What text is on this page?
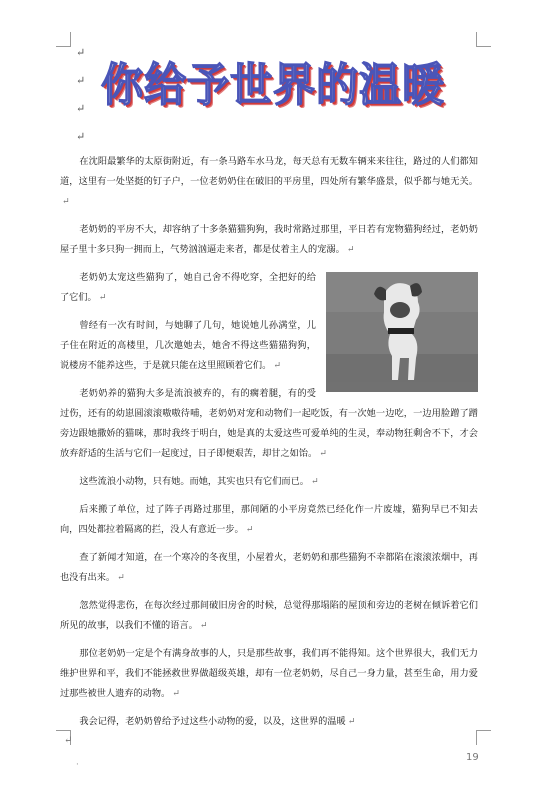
↵
↵
↵
↵
你给予世界的温暖

在沈阳最繁华的太原街附近，有一条马路车水马龙，每天总有无数车辆来来往往，路过的人们都知道，这里有一处坚挺的钉子户，一位老奶奶住在破旧的平房里，四处所有繁华盛景，似乎都与她无关。↵

老奶奶的平房不大，却容纳了十多条猫猫狗狗，我时常路过那里，平日若有宠物猫狗经过，老奶奶屋子里十多只狗一拥而上，气势汹汹逼走来者，都是仗着主人的宠溺。 ↵

老奶奶太宠这些猫狗了，她自己舍不得吃穿，全把好的给了它们。 ↵

曾经有一次有时间，与她聊了几句，她说她儿孙满堂，儿子住在附近的高楼里，几次邀她去，她舍不得这些猫猫狗狗，说楼房不能养这些，于是就只能在这里照顾着它们。 ↵

老奶奶养的猫狗大多是流浪被弃的，有的瘸着腿，有的受过伤，还有的幼崽圆滚滚嗷嗷待哺，老奶奶对宠和动物们一起吃饭，有一次她一边吃，一边用脸蹭了蹭旁边跟她撒娇的猫咪，那时我终于明白，她是真的太爱这些可爱单纯的生灵，奉动物狂剩舍不下，才会放弃舒适的生活与它们一起度过，日子即便艰苦，却甘之如饴。 ↵

这些流浪小动物，只有她。而她，其实也只有它们而已。 ↵

后来搬了单位，过了阵子再路过那里，那间陋的小平房竟然已经化作一片废墟，猫狗早已不知去向，四处都拉着隔离的拦，没人有意近一步。 ↵

查了新闻才知道，在一个寒冷的冬夜里，小屋着火，老奶奶和那些猫狗不幸都陷在滚滚浓烟中，再也没有出来。 ↵

忽然觉得悲伤，在每次经过那间破旧房舍的时候，总觉得那塌陷的屋顶和旁边的老树在倾诉着它们所见的故事，以我们不懂的语言。 ↵

那位老奶奶一定是个有满身故事的人，只是那些故事，我们再不能得知。这个世界很大，我们无力维护世界和平，我们不能拯救世界做超级英雄，却有一位老奶奶，尽自己一身力量，甚至生命，用力爱过那些被世人遗弃的动物。 ↵

我会记得，老奶奶曾给予过这些小动物的爱，以及，这世界的温暖 ↵

↵
·
19
